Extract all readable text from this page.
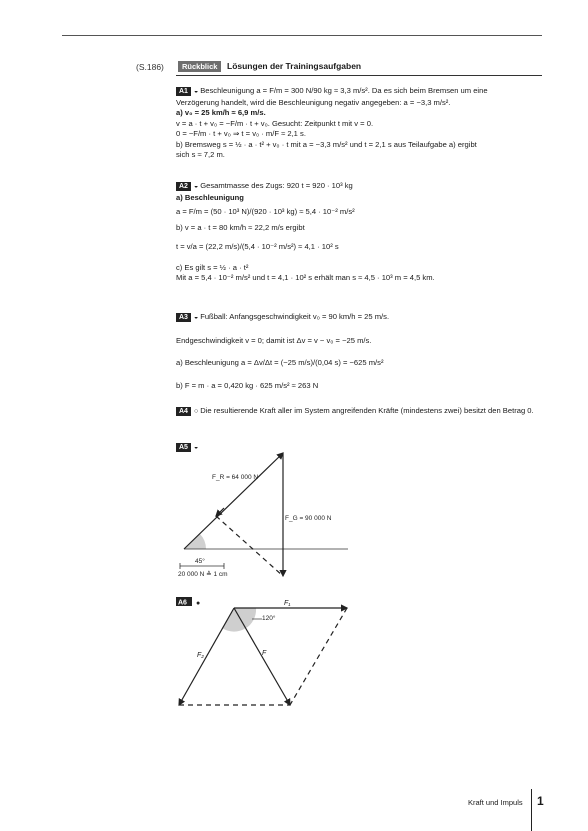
(S.186)	Rückblick	Lösungen der Trainingsaufgaben
A1 ◒ Beschleunigung a = F/m = 300 N/90 kg ≈ 3,3 m/s². Da es sich beim Bremsen um eine
Verzögerung handelt, wird die Beschleunigung negativ angegeben: a = −3,3 m/s².
a) v₀ = 25 km/h ≈ 6,9 m/s.
v = a · t + v₀ = −F/m · t + v₀. Gesucht: Zeitpunkt t mit v = 0.
0 = −F/m · t + v₀ ⇒ t = v₀ · m/F ≈ 2,1 s.
b) Bremsweg s = ½ · a · t² + v₀ · t mit a = −3,3 m/s² und t = 2,1 s aus Teilaufgabe a) ergibt
sich s ≈ 7,2 m.
A2 ◒ Gesamtmasse des Zugs: 920 t = 920 · 10³ kg
a) Beschleunigung
a = F/m = (50 · 10³ N)/(920 · 10³ kg) ≈ 5,4 · 10⁻² m/s²
b) v = a · t = 80 km/h ≈ 22,2 m/s ergibt
t = v/a = (22,2 m/s)/(5,4 · 10⁻² m/s²) ≈ 4,1 · 10² s
c) Es gilt s = ½ · a · t²
Mit a = 5,4 · 10⁻² m/s² und t = 4,1 · 10² s erhält man s ≈ 4,5 · 10³ m = 4,5 km.
A3 ◒ Fußball: Anfangsgeschwindigkeit v₀ = 90 km/h = 25 m/s.
Endgeschwindigkeit v = 0; damit ist Δv = v − v₀ = −25 m/s.
a) Beschleunigung a = Δv/Δt = (−25 m/s)/(0,04 s) = −625 m/s²
b) F = m · a = 0,420 kg · 625 m/s² ≈ 263 N
A4 ○ Die resultierende Kraft aller im System angreifenden Kräfte (mindestens zwei) besitzt den Betrag 0.
A5 ◒
F_R = 64 000 N
F_G = 90 000 N
45°
20 000 N ≙ 1 cm
A6 ●
120°
F₁
F₂	F
Kraft und Impuls 1
